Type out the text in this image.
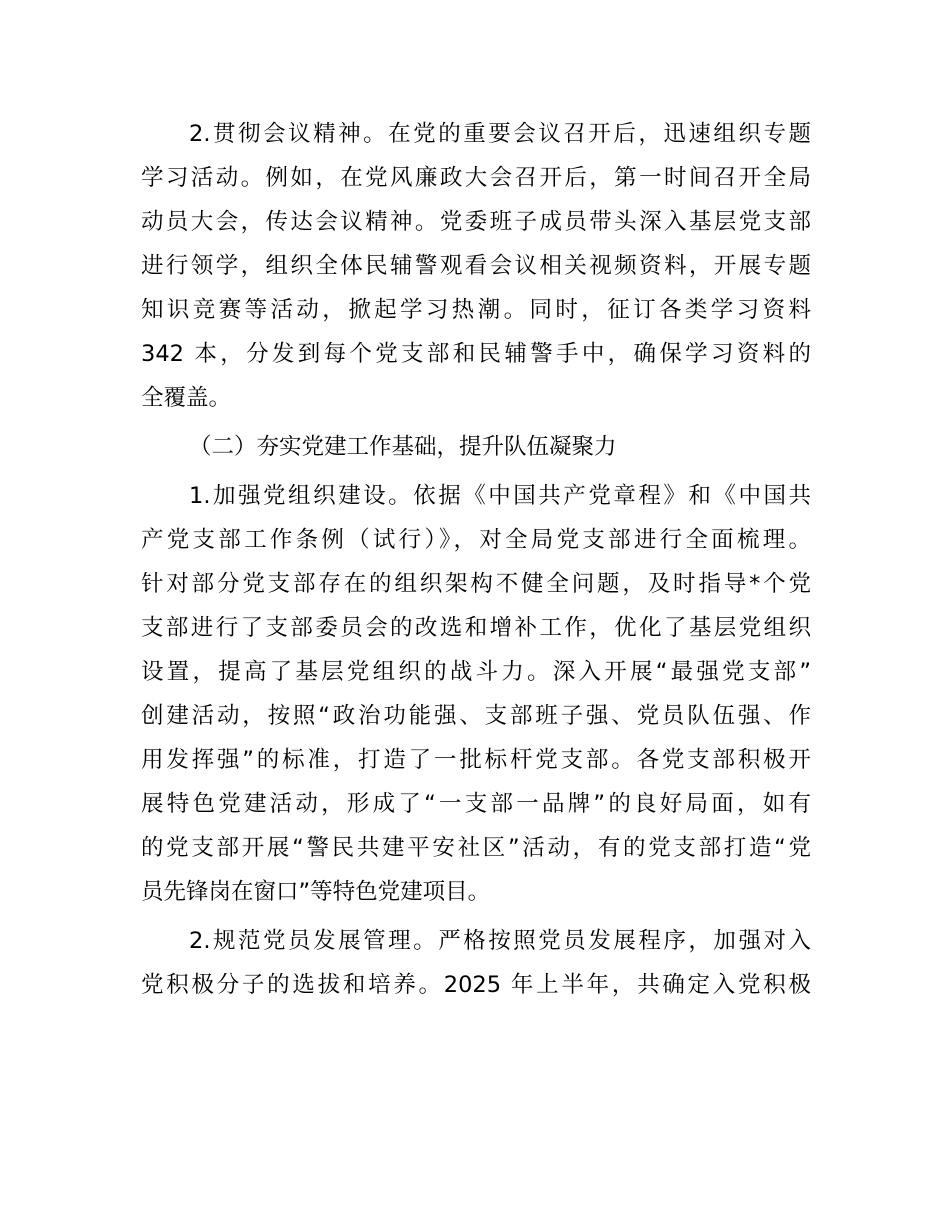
2.贯彻会议精神。在党的重要会议召开后，迅速组织专题
学习活动。例如，在党风廉政大会召开后，第一时间召开全局
动员大会，传达会议精神。党委班子成员带头深入基层党支部
进行领学，组织全体民辅警观看会议相关视频资料，开展专题
知识竞赛等活动，掀起学习热潮。同时，征订各类学习资料
342 本，分发到每个党支部和民辅警手中，确保学习资料的
全覆盖。
（二）夯实党建工作基础，提升队伍凝聚力
1.加强党组织建设。依据《中国共产党章程》和《中国共
产党支部工作条例（试行）》，对全局党支部进行全面梳理。
针对部分党支部存在的组织架构不健全问题，及时指导*个党
支部进行了支部委员会的改选和增补工作，优化了基层党组织
设置，提高了基层党组织的战斗力。深入开展“最强党支部”
创建活动，按照“政治功能强、支部班子强、党员队伍强、作
用发挥强”的标准，打造了一批标杆党支部。各党支部积极开
展特色党建活动，形成了“一支部一品牌”的良好局面，如有
的党支部开展“警民共建平安社区”活动，有的党支部打造“党
员先锋岗在窗口”等特色党建项目。
2.规范党员发展管理。严格按照党员发展程序，加强对入
党积极分子的选拔和培养。2025 年上半年，共确定入党积极
